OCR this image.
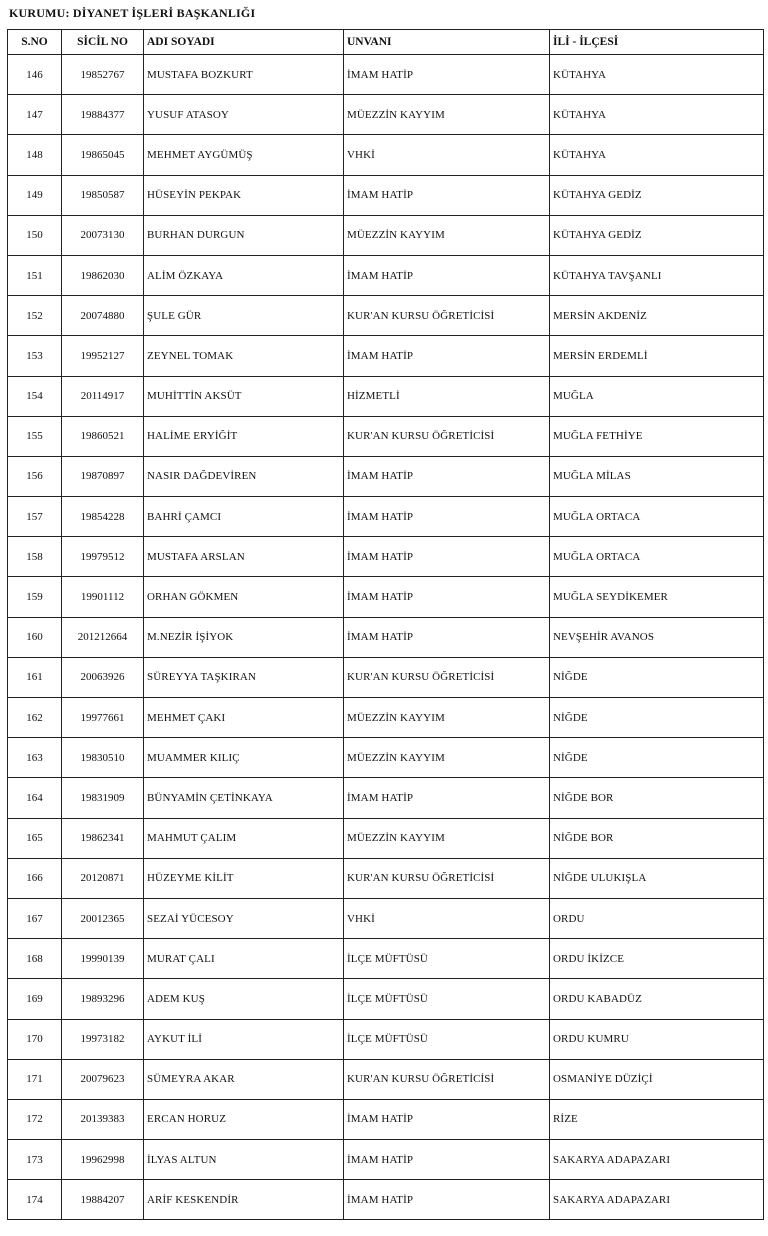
KURUMU: DİYANET İŞLERİ BAŞKANLIĞI
S.NO	SİCİL NO	ADI SOYADI	UNVANI	İLİ - İLÇESİ
146	19852767	MUSTAFA BOZKURT	İMAM HATİP	KÜTAHYA
147	19884377	YUSUF ATASOY	MÜEZZİN KAYYIM	KÜTAHYA
148	19865045	MEHMET AYGÜMÜŞ	VHKİ	KÜTAHYA
149	19850587	HÜSEYİN PEKPAK	İMAM HATİP	KÜTAHYA GEDİZ
150	20073130	BURHAN DURGUN	MÜEZZİN KAYYIM	KÜTAHYA GEDİZ
151	19862030	ALİM ÖZKAYA	İMAM HATİP	KÜTAHYA TAVŞANLI
152	20074880	ŞULE GÜR	KUR'AN KURSU ÖĞRETİCİSİ	MERSİN AKDENİZ
153	19952127	ZEYNEL TOMAK	İMAM HATİP	MERSİN ERDEMLİ
154	20114917	MUHİTTİN AKSÜT	HİZMETLİ	MUĞLA
155	19860521	HALİME ERYİĞİT	KUR'AN KURSU ÖĞRETİCİSİ	MUĞLA FETHİYE
156	19870897	NASIR DAĞDEVİREN	İMAM HATİP	MUĞLA MİLAS
157	19854228	BAHRİ ÇAMCI	İMAM HATİP	MUĞLA ORTACA
158	19979512	MUSTAFA ARSLAN	İMAM HATİP	MUĞLA ORTACA
159	19901112	ORHAN GÖKMEN	İMAM HATİP	MUĞLA SEYDİKEMER
160	201212664	M.NEZİR İŞİYOK	İMAM HATİP	NEVŞEHİR AVANOS
161	20063926	SÜREYYA TAŞKIRAN	KUR'AN KURSU ÖĞRETİCİSİ	NİĞDE
162	19977661	MEHMET ÇAKI	MÜEZZİN KAYYIM	NİĞDE
163	19830510	MUAMMER KILIÇ	MÜEZZİN KAYYIM	NİĞDE
164	19831909	BÜNYAMİN ÇETİNKAYA	İMAM HATİP	NİĞDE BOR
165	19862341	MAHMUT ÇALIM	MÜEZZİN KAYYIM	NİĞDE BOR
166	20120871	HÜZEYME KİLİT	KUR'AN KURSU ÖĞRETİCİSİ	NİĞDE ULUKIŞLA
167	20012365	SEZAİ YÜCESOY	VHKİ	ORDU
168	19990139	MURAT ÇALI	İLÇE MÜFTÜSÜ	ORDU İKİZCE
169	19893296	ADEM KUŞ	İLÇE MÜFTÜSÜ	ORDU KABADÜZ
170	19973182	AYKUT İLİ	İLÇE MÜFTÜSÜ	ORDU KUMRU
171	20079623	SÜMEYRA AKAR	KUR'AN KURSU ÖĞRETİCİSİ	OSMANİYE DÜZİÇİ
172	20139383	ERCAN HORUZ	İMAM HATİP	RİZE
173	19962998	İLYAS ALTUN	İMAM HATİP	SAKARYA ADAPAZARI
174	19884207	ARİF KESKENDİR	İMAM HATİP	SAKARYA ADAPAZARI
